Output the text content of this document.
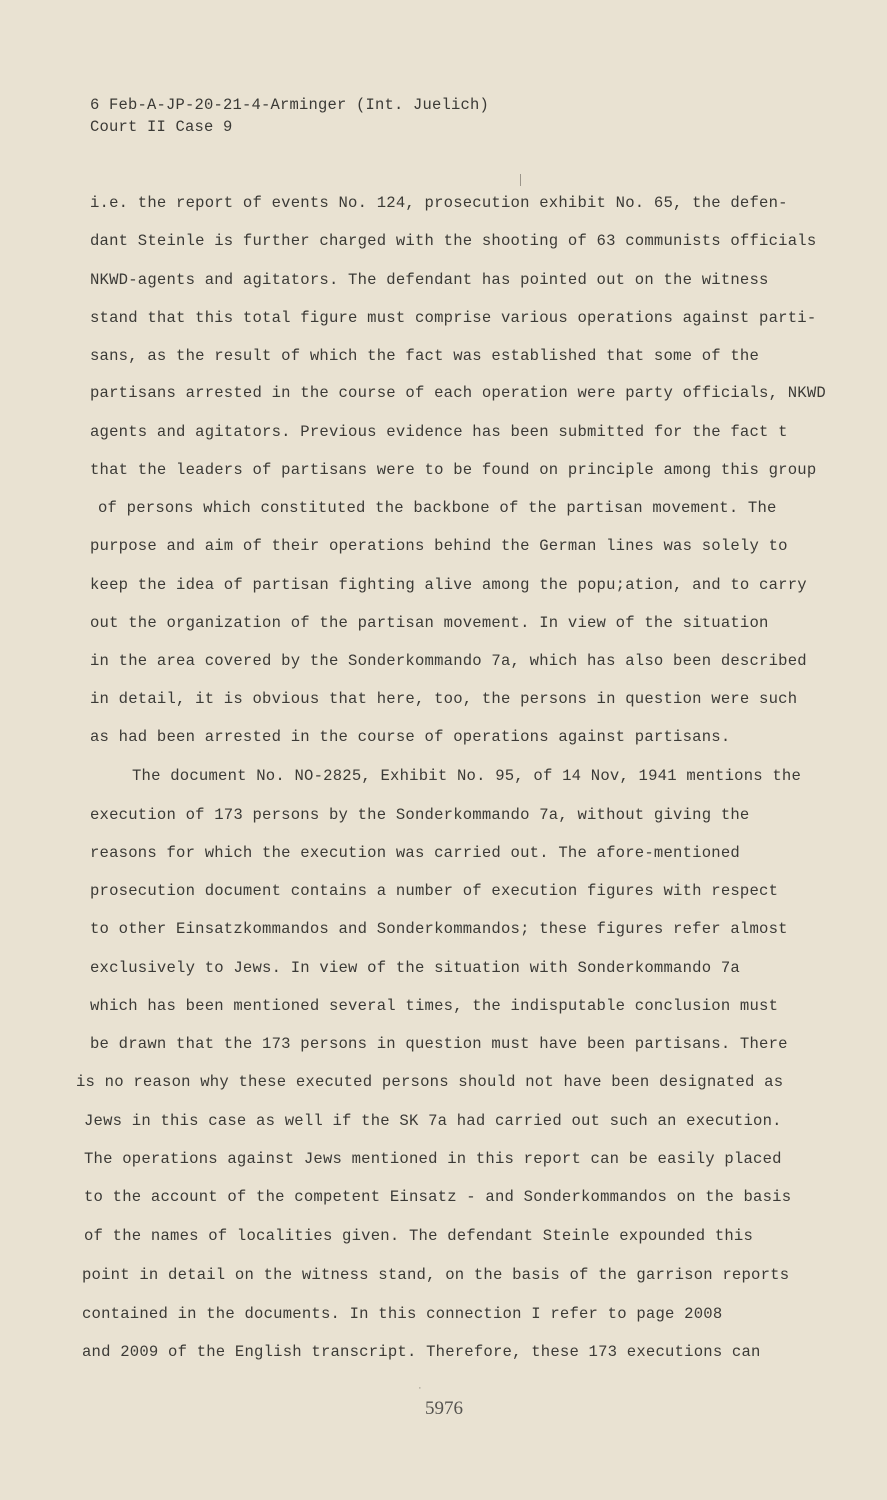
6 Feb-A-JP-20-21-4-Arminger (Int. Juelich)
Court II Case 9
i.e. the report of events No. 124, prosecution exhibit No. 65, the defen-
dant Steinle is further charged with the shooting of 63 communists officials
NKWD-agents and agitators. The defendant has pointed out on the witness
stand that this total figure must comprise various operations against parti-
sans, as the result of which the fact was established that some of the
partisans arrested in the course of each operation were party officials, NKWD
agents and agitators. Previous evidence has been submitted for the fact t
that the leaders of partisans were to be found on principle among this group
of persons which constituted the backbone of the partisan movement. The
purpose and aim of their operations behind the German lines was solely to
keep the idea of partisan fighting alive among the popu;ation, and to carry
out the organization of the partisan movement. In view of the situation
in the area covered by the Sonderkommando 7a, which has also been described
in detail, it is obvious that here, too, the persons in question were such
as had been arrested in the course of operations against partisans.
The document No. NO-2825, Exhibit No. 95, of 14 Nov, 1941 mentions the
execution of 173 persons by the Sonderkommando 7a, without giving the
reasons for which the execution was carried out. The afore-mentioned
prosecution document contains a number of execution figures with respect
to other Einsatzkommandos and Sonderkommandos; these figures refer almost
exclusively to Jews. In view of the situation with Sonderkommando 7a
which has been mentioned several times, the indisputable conclusion must
be drawn that the 173 persons in question must have been partisans. There
is no reason why these executed persons should not have been designated as
Jews in this case as well if the SK 7a had carried out such an execution.
The operations against Jews mentioned in this report can be easily placed
to the account of the competent Einsatz - and Sonderkommandos on the basis
of the names of localities given. The defendant Steinle expounded this
point in detail on the witness stand, on the basis of the garrison reports
contained in the documents. In this connection I refer to page 2008
and 2009 of the English transcript. Therefore, these 173 executions can
·
5976
